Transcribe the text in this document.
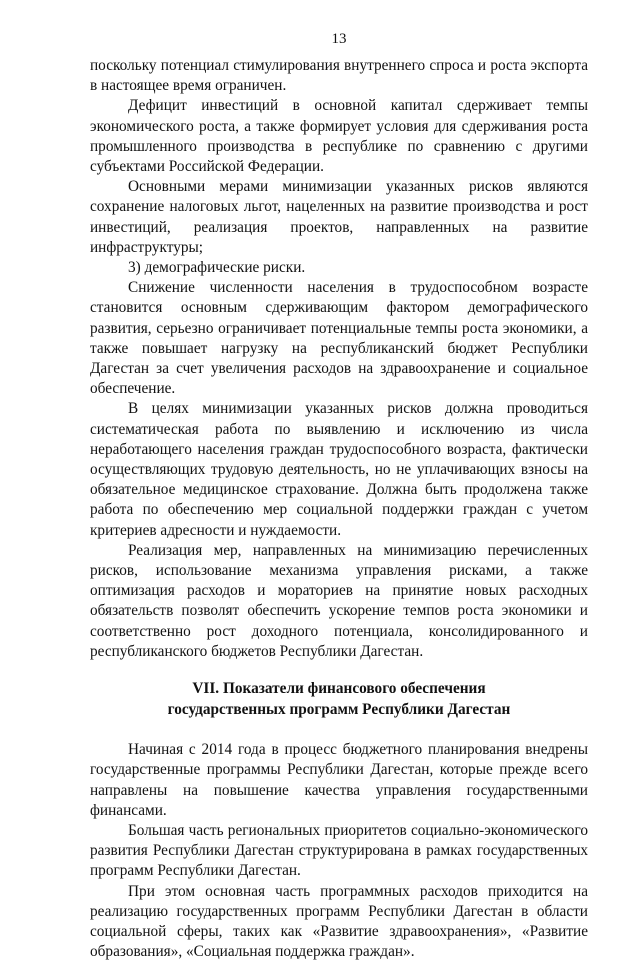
13

поскольку потенциал стимулирования внутреннего спроса и роста экспорта в настоящее время ограничен.

Дефицит инвестиций в основной капитал сдерживает темпы экономического роста, а также формирует условия для сдерживания роста промышленного производства в республике по сравнению с другими субъектами Российской Федерации.

Основными мерами минимизации указанных рисков являются сохранение налоговых льгот, нацеленных на развитие производства и рост инвестиций, реализация проектов, направленных на развитие инфраструктуры;

3) демографические риски.

Снижение численности населения в трудоспособном возрасте становится основным сдерживающим фактором демографического развития, серьезно ограничивает потенциальные темпы роста экономики, а также повышает нагрузку на республиканский бюджет Республики Дагестан за счет увеличения расходов на здравоохранение и социальное обеспечение.

В целях минимизации указанных рисков должна проводиться систематическая работа по выявлению и исключению из числа неработающего населения граждан трудоспособного возраста, фактически осуществляющих трудовую деятельность, но не уплачивающих взносы на обязательное медицинское страхование. Должна быть продолжена также работа по обеспечению мер социальной поддержки граждан с учетом критериев адресности и нуждаемости.

Реализация мер, направленных на минимизацию перечисленных рисков, использование механизма управления рисками, а также оптимизация расходов и мораториев на принятие новых расходных обязательств позволят обеспечить ускорение темпов роста экономики и соответственно рост доходного потенциала, консолидированного и республиканского бюджетов Республики Дагестан.

VII. Показатели финансового обеспечения
государственных программ Республики Дагестан

Начиная с 2014 года в процесс бюджетного планирования внедрены государственные программы Республики Дагестан, которые прежде всего направлены на повышение качества управления государственными финансами.

Большая часть региональных приоритетов социально-экономического развития Республики Дагестан структурирована в рамках государственных программ Республики Дагестан.

При этом основная часть программных расходов приходится на реализацию государственных программ Республики Дагестан в области социальной сферы, таких как «Развитие здравоохранения», «Развитие образования», «Социальная поддержка граждан».
